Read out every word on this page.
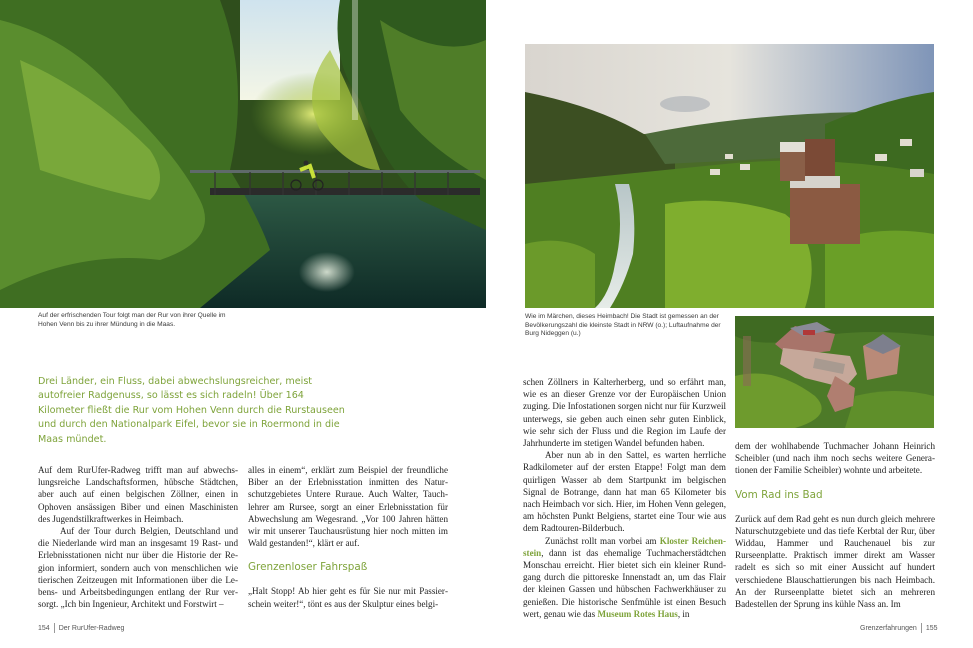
Auf der erfrischenden Tour folgt man der Rur von ihrer Quelle im Hohen Venn bis zu ihrer Mündung in die Maas.
Drei Länder, ein Fluss, dabei abwechslungsreicher, meist autofreier Radgenuss, so lässt es sich radeln! Über 164 Kilometer fließt die Rur vom Hohen Venn durch die Rurstauseen und durch den Nationalpark Eifel, bevor sie in Roermond in die Maas mündet.

Auf dem RurUfer-Radweg trifft man auf abwechslungsreiche Landschaftsformen, hübsche Städtchen, aber auch auf einen belgischen Zöllner, einen in Ophoven ansässigen Biber und einen Maschinisten des Jugendstilkraftwerkes in Heimbach.

Auf der Tour durch Belgien, Deutschland und die Niederlande wird man an insgesamt 19 Rast- und Erlebnisstationen nicht nur über die Historie der Region informiert, sondern auch von menschlichen wie tierischen Zeitzeugen mit Informationen über die Lebens- und Arbeitsbedingungen entlang der Rur versorgt. „Ich bin Ingenieur, Architekt und Forstwirt –

alles in einem“, erklärt zum Beispiel der freundliche Biber an der Erlebnisstation inmitten des Naturschutzgebietes Untere Ruraue. Auch Walter, Tauchlehrer am Rursee, sorgt an einer Erlebnisstation für Abwechslung am Wegesrand. „Vor 100 Jahren hätten wir mit unserer Tauchausrüstung hier noch mitten im Wald gestanden!“, klärt er auf.

Grenzenloser Fahrspaß

„Halt Stopp! Ab hier geht es für Sie nur mit Passierschein weiter!“, tönt es aus der Skulptur eines belgi-

154 Der RurUfer-Radweg
Wie im Märchen, dieses Heimbach! Die Stadt ist gemessen an der Bevölkerungszahl die kleinste Stadt in NRW (o.); Luftaufnahme der Burg Nideggen (u.)

schen Zöllners in Kalterherberg, und so erfährt man, wie es an dieser Grenze vor der Europäischen Union zuging. Die Infostationen sorgen nicht nur für Kurzweil unterwegs, sie geben auch einen sehr guten Einblick, wie sehr sich der Fluss und die Region im Laufe der Jahrhunderte im stetigen Wandel befunden haben.

Aber nun ab in den Sattel, es warten herrliche Radkilometer auf der ersten Etappe! Folgt man dem quirligen Wasser ab dem Startpunkt im belgischen Signal de Botrange, dann hat man 65 Kilometer bis nach Heimbach vor sich. Hier, im Hohen Venn gelegen, am höchsten Punkt Belgiens, startet eine Tour wie aus dem Radtouren-Bilderbuch.

Zunächst rollt man vorbei am Kloster Reichenstein, dann ist das ehemalige Tuchmacherstädtchen Monschau erreicht. Hier bietet sich ein kleiner Rundgang durch die pittoreske Innenstadt an, um das Flair der kleinen Gassen und hübschen Fachwerkhäuser zu genießen. Die historische Senfmühle ist einen Besuch wert, genau wie das Museum Rotes Haus, in

dem der wohlhabende Tuchmacher Johann Heinrich Scheibler (und nach ihm noch sechs weitere Generationen der Familie Scheibler) wohnte und arbeitete.

Vom Rad ins Bad

Zurück auf dem Rad geht es nun durch gleich mehrere Naturschutzgebiete und das tiefe Kerbtal der Rur, über Widdau, Hammer und Rauchenauel bis zur Rurseenplatte. Praktisch immer direkt am Wasser radelt es sich so mit einer Aussicht auf hundert verschiedene Blauschattierungen bis nach Heimbach. An der Rurseenplatte bietet sich an mehreren Badestellen der Sprung ins kühle Nass an. Im

Grenzerfahrungen 155
